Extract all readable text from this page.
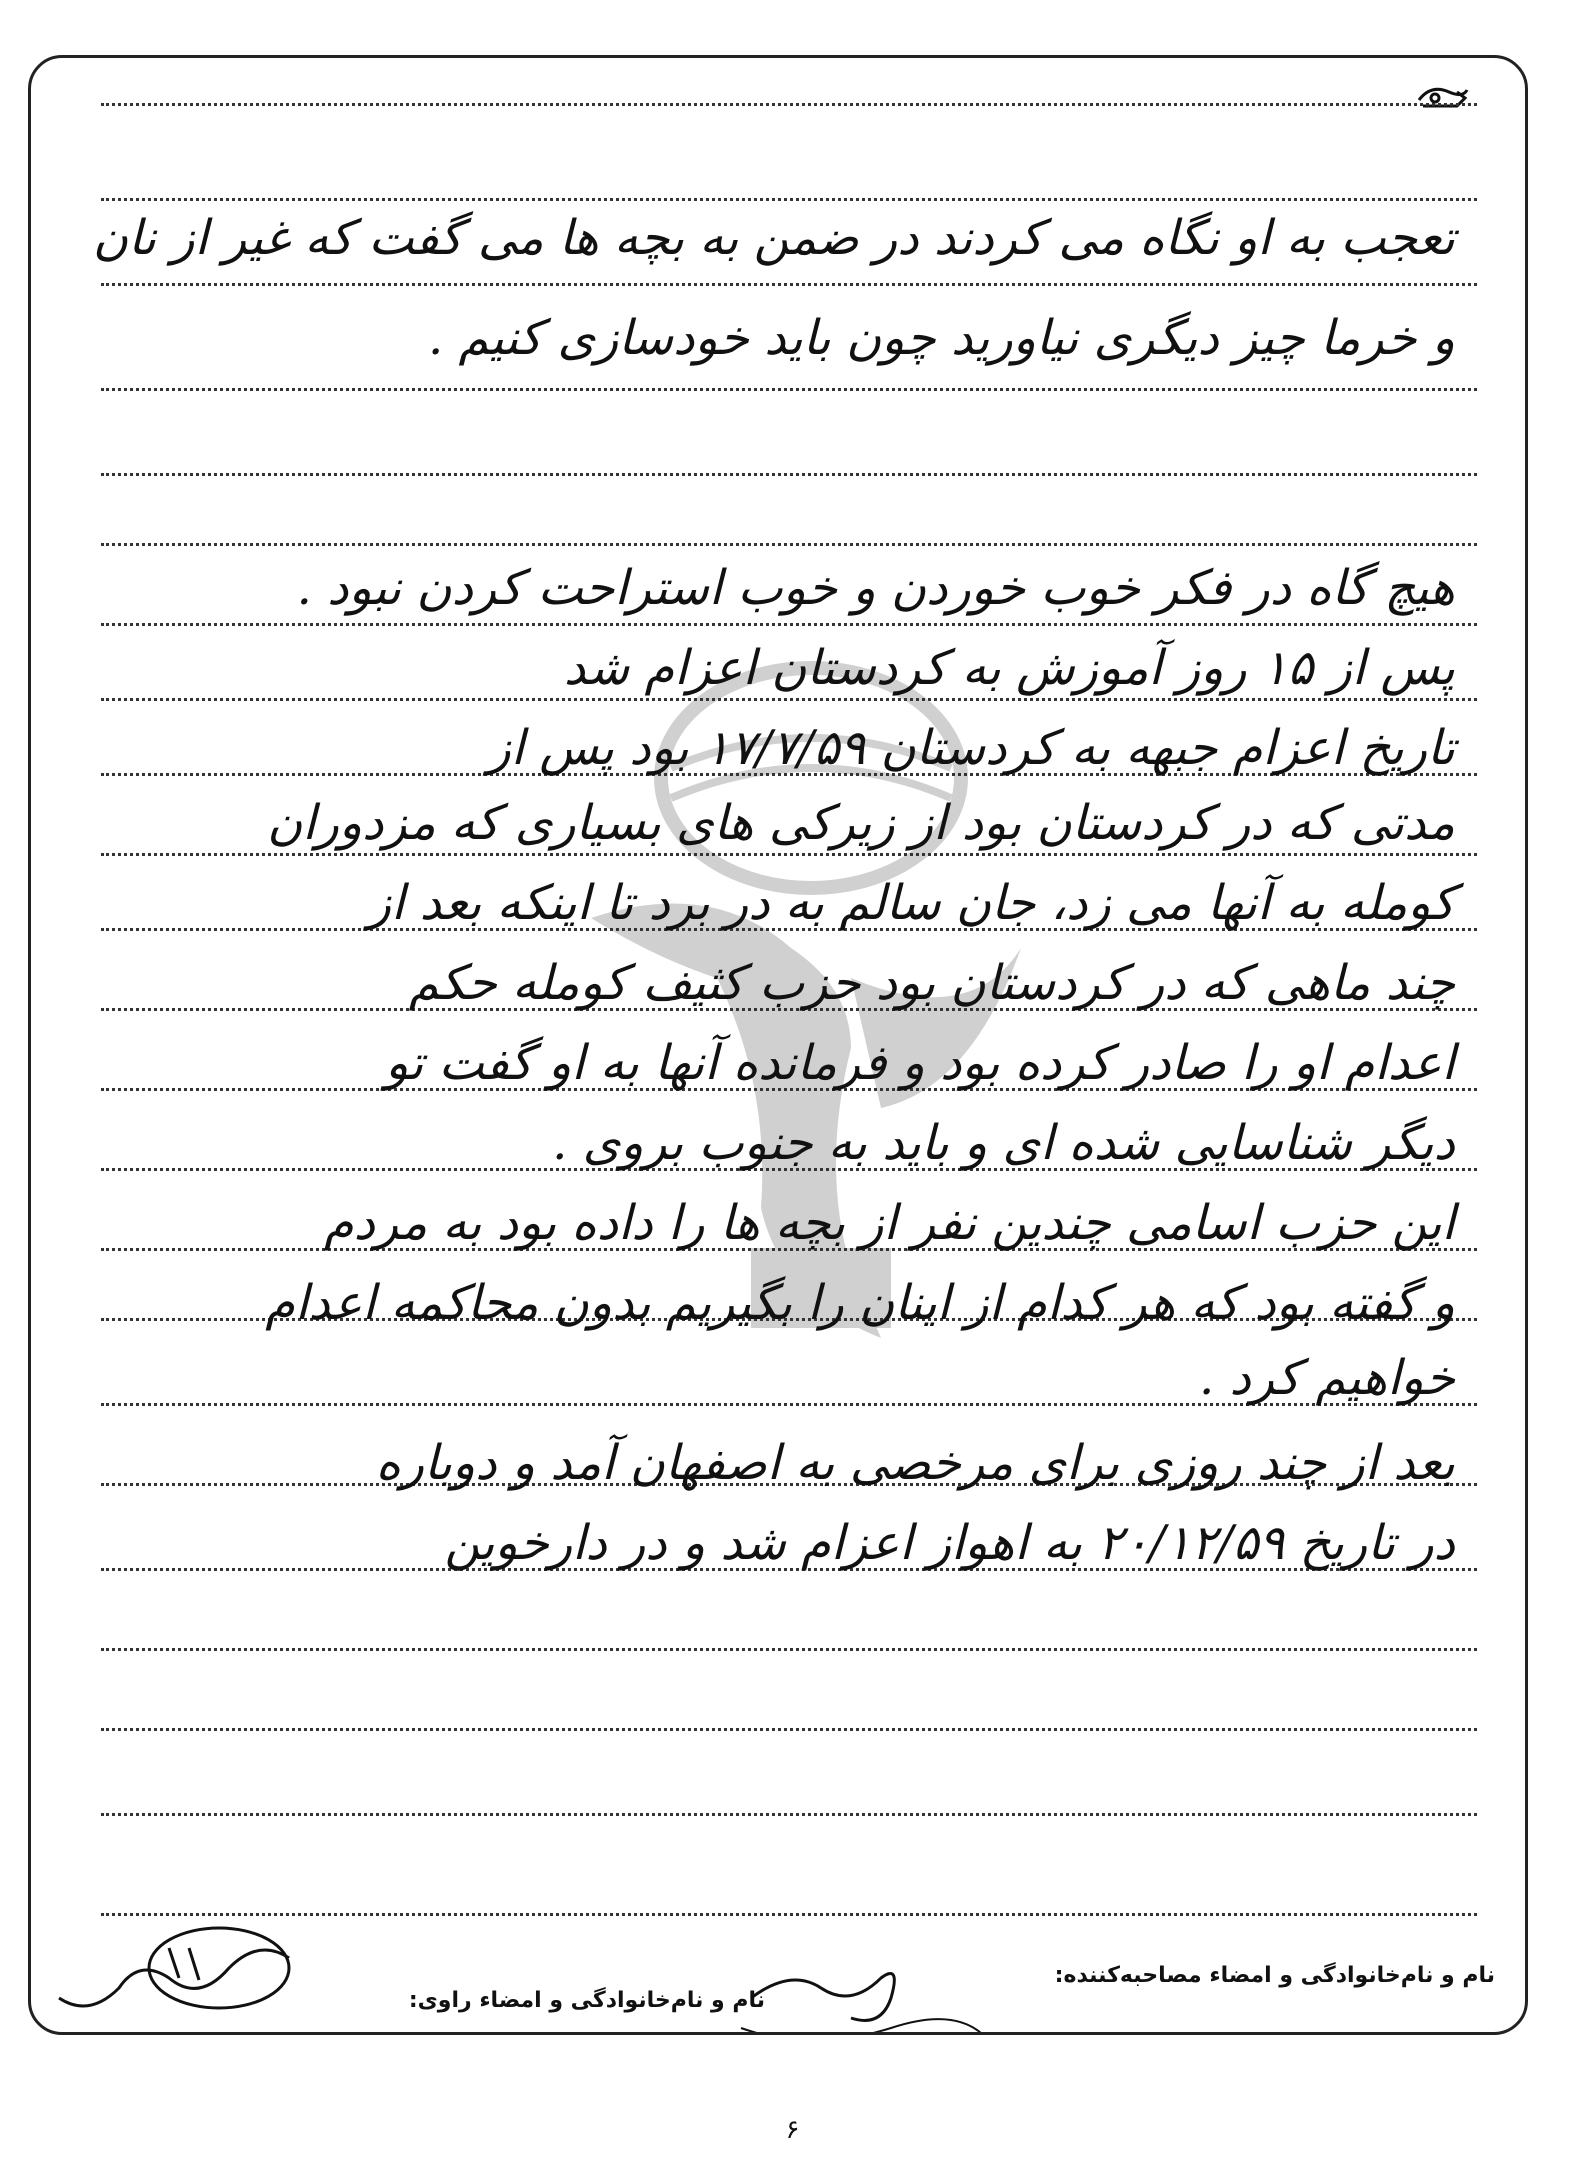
تعجب به او نگاه می کردند در ضمن به بچه ها می گفت که غیر از نان
و خرما چیز دیگری نیاورید چون باید خودسازی کنیم .
هیچ گاه در فکر خوب خوردن و خوب استراحت کردن نبود .
پس از ۱۵ روز آموزش به کردستان اعزام شد
تاریخ اعزام جبهه به کردستان ۱۷/۷/۵۹ بود پس از
مدتی که در کردستان بود از زیرکی های بسیاری که مزدوران
کومله به آنها می زد، جان سالم به در برد تا اینکه بعد از
چند ماهی که در کردستان بود حزب کثیف کومله حکم
اعدام او را صادر کرده بود و فرمانده آنها به او گفت تو
دیگر شناسایی شده ای و باید به جنوب بروی .
این حزب اسامی چندین نفر از بچه ها را داده بود به مردم
و گفته بود که هر کدام از اینان را بگیریم بدون محاکمه اعدام
خواهیم کرد .
بعد از چند روزی برای مرخصی به اصفهان آمد و دوباره
در تاریخ ۲۰/۱۲/۵۹ به اهواز اعزام شد و در دارخوین
نام و نام‌خانوادگی و امضاء مصاحبه‌کننده:
نام و نام‌خانوادگی و امضاء راوی:
۶
